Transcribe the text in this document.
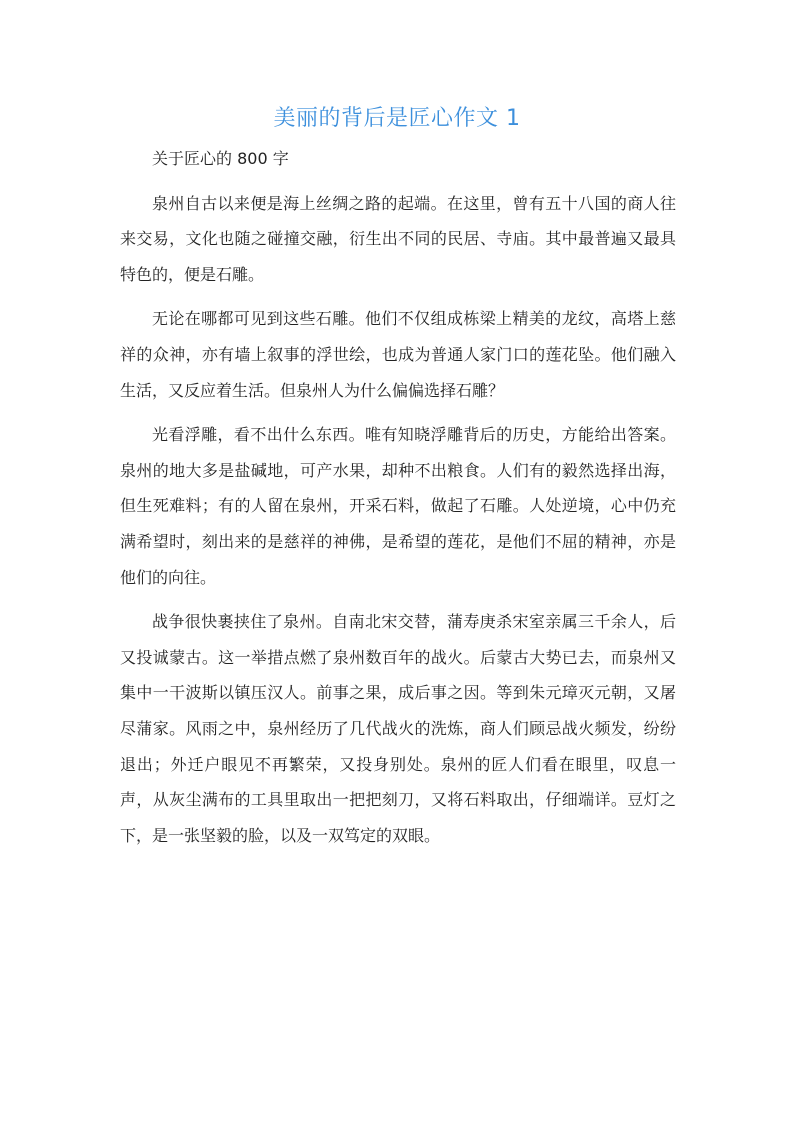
美丽的背后是匠心作文 1

关于匠心的 800 字

泉州自古以来便是海上丝绸之路的起端。在这里，曾有五十八国的商人往来交易，文化也随之碰撞交融，衍生出不同的民居、寺庙。其中最普遍又最具特色的，便是石雕。

无论在哪都可见到这些石雕。他们不仅组成栋梁上精美的龙纹，高塔上慈祥的众神，亦有墙上叙事的浮世绘，也成为普通人家门口的莲花坠。他们融入生活，又反应着生活。但泉州人为什么偏偏选择石雕？

光看浮雕，看不出什么东西。唯有知晓浮雕背后的历史，方能给出答案。泉州的地大多是盐碱地，可产水果，却种不出粮食。人们有的毅然选择出海，但生死难料；有的人留在泉州，开采石料，做起了石雕。人处逆境，心中仍充满希望时，刻出来的是慈祥的神佛，是希望的莲花，是他们不屈的精神，亦是他们的向往。

战争很快裹挟住了泉州。自南北宋交替，蒲寿庚杀宋室亲属三千余人，后又投诚蒙古。这一举措点燃了泉州数百年的战火。后蒙古大势已去，而泉州又集中一干波斯以镇压汉人。前事之果，成后事之因。等到朱元璋灭元朝，又屠尽蒲家。风雨之中，泉州经历了几代战火的洗炼，商人们顾忌战火频发，纷纷退出；外迁户眼见不再繁荣，又投身别处。泉州的匠人们看在眼里，叹息一声，从灰尘满布的工具里取出一把把刻刀，又将石料取出，仔细端详。豆灯之下，是一张坚毅的脸，以及一双笃定的双眼。
